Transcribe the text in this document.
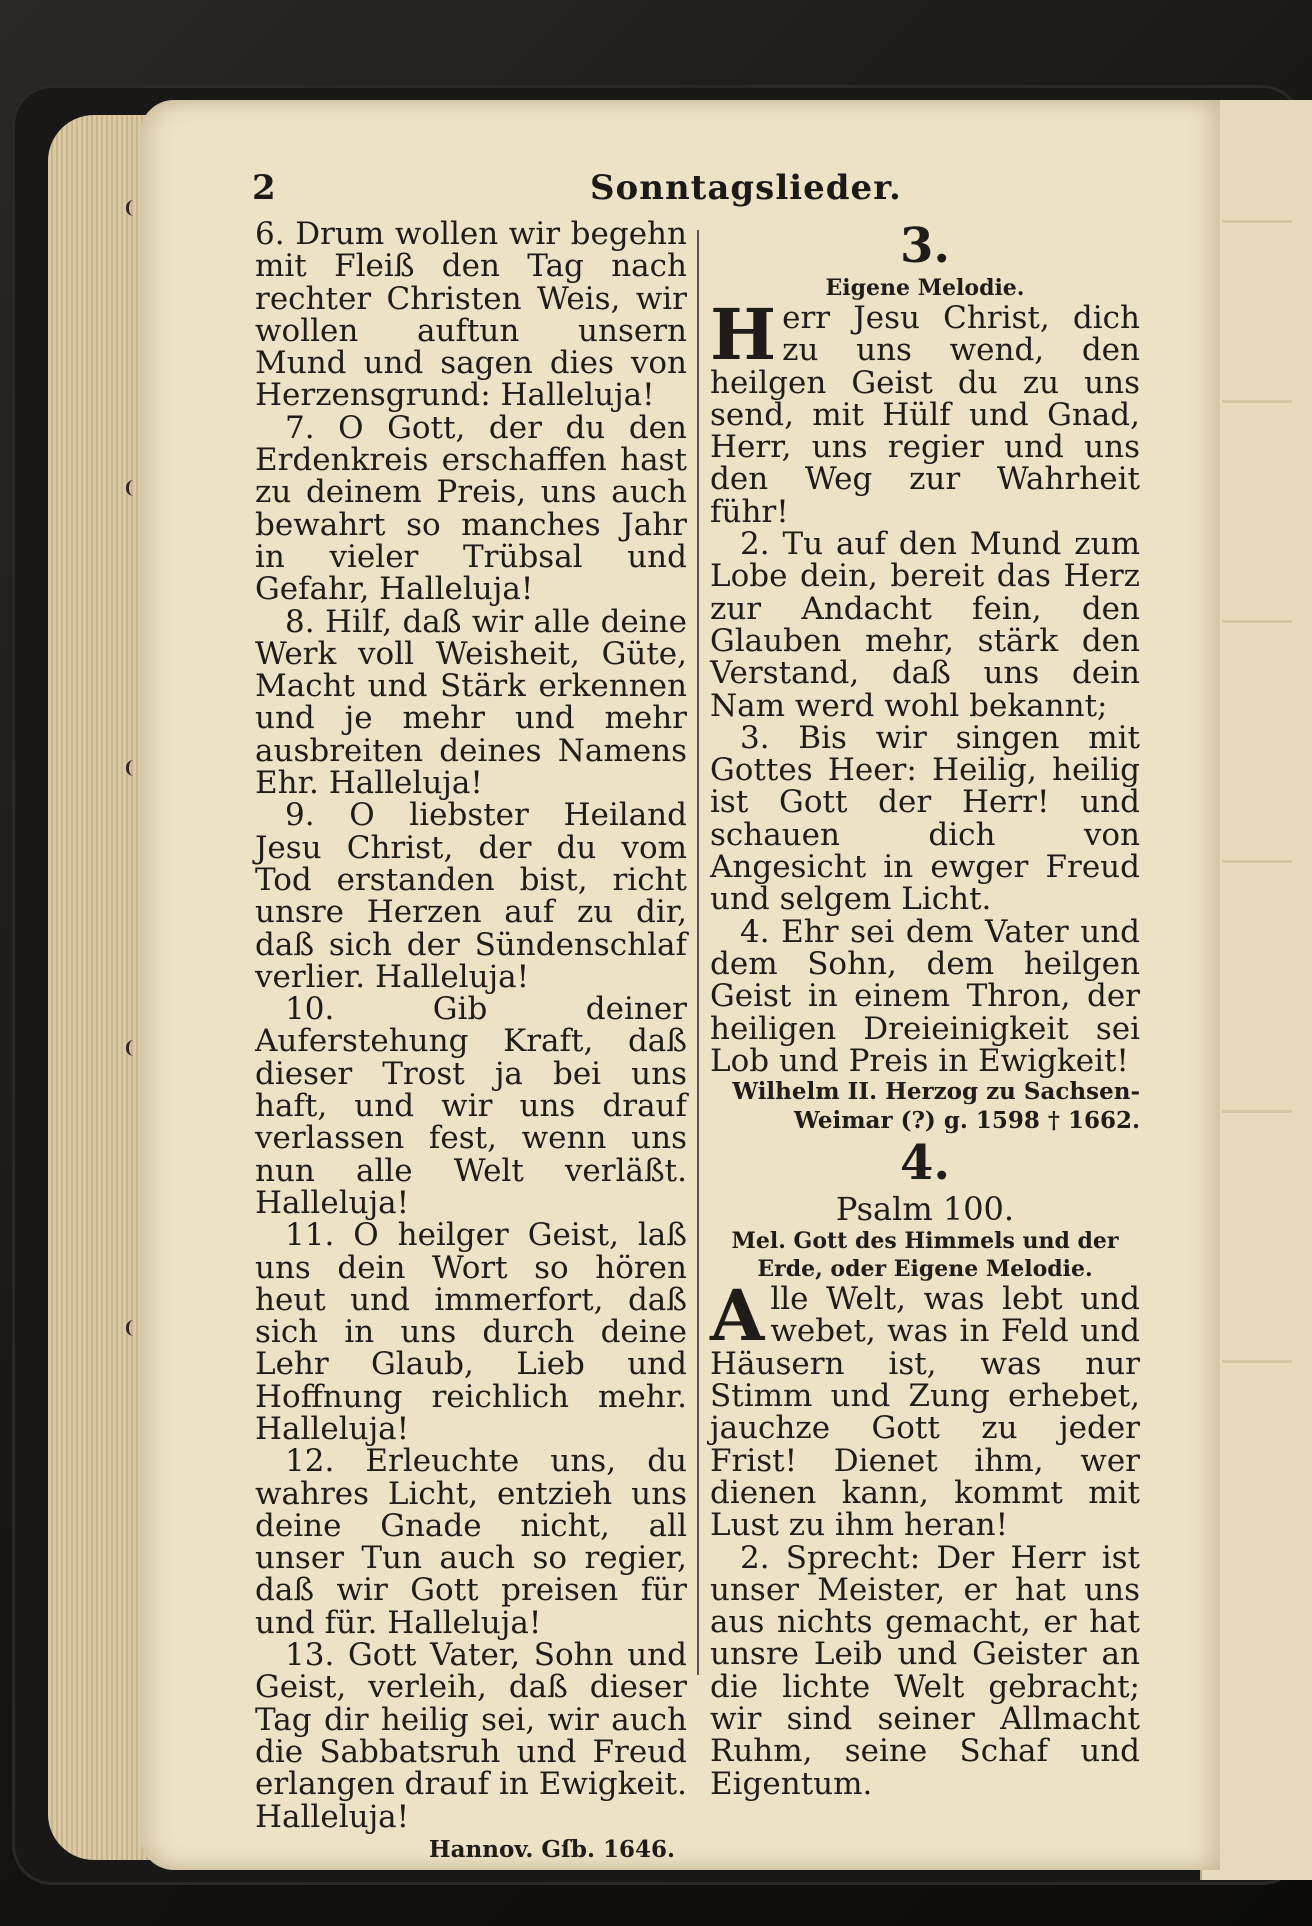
2	Sonntagslieder.

6. Drum wollen wir begehn mit Fleiß den Tag nach rechter Christen Weis, wir wollen auftun unsern Mund und sagen dies von Herzensgrund: Halleluja!

7. O Gott, der du den Erdenkreis erschaffen hast zu deinem Preis, uns auch bewahrt so manches Jahr in vieler Trübsal und Gefahr, Halleluja!

8. Hilf, daß wir alle deine Werk voll Weisheit, Güte, Macht und Stärk erkennen und je mehr und mehr ausbreiten deines Namens Ehr. Halleluja!

9. O liebster Heiland Jesu Christ, der du vom Tod erstanden bist, richt unsre Herzen auf zu dir, daß sich der Sündenschlaf verlier. Halleluja!

10. Gib deiner Auferstehung Kraft, daß dieser Trost ja bei uns haft, und wir uns drauf verlassen fest, wenn uns nun alle Welt verläßt. Halleluja!

11. O heilger Geist, laß uns dein Wort so hören heut und immerfort, daß sich in uns durch deine Lehr Glaub, Lieb und Hoffnung reichlich mehr. Halleluja!

12. Erleuchte uns, du wahres Licht, entzieh uns deine Gnade nicht, all unser Tun auch so regier, daß wir Gott preisen für und für. Halleluja!

13. Gott Vater, Sohn und Geist, verleih, daß dieser Tag dir heilig sei, wir auch die Sabbatsruh und Freud erlangen drauf in Ewigkeit. Halleluja!

Hannov. Gſb. 1646.

3.

Eigene Melodie.

Herr Jesu Christ, dich zu uns wend, den heilgen Geist du zu uns send, mit Hülf und Gnad, Herr, uns regier und uns den Weg zur Wahrheit führ!

2. Tu auf den Mund zum Lobe dein, bereit das Herz zur Andacht fein, den Glauben mehr, stärk den Verstand, daß uns dein Nam werd wohl bekannt;

3. Bis wir singen mit Gottes Heer: Heilig, heilig ist Gott der Herr! und schauen dich von Angesicht in ewger Freud und selgem Licht.

4. Ehr sei dem Vater und dem Sohn, dem heilgen Geist in einem Thron, der heiligen Dreieinigkeit sei Lob und Preis in Ewigkeit!

Wilhelm II. Herzog zu Sachsen-Weimar (?) g. 1598 † 1662.

4.

Psalm 100.

Mel. Gott des Himmels und der Erde, oder Eigene Melodie.

Alle Welt, was lebt und webet, was in Feld und Häusern ist, was nur Stimm und Zung erhebet, jauchze Gott zu jeder Frist! Dienet ihm, wer dienen kann, kommt mit Lust zu ihm heran!

2. Sprecht: Der Herr ist unser Meister, er hat uns aus nichts gemacht, er hat unsre Leib und Geister an die lichte Welt gebracht; wir sind seiner Allmacht Ruhm, seine Schaf und Eigentum.
